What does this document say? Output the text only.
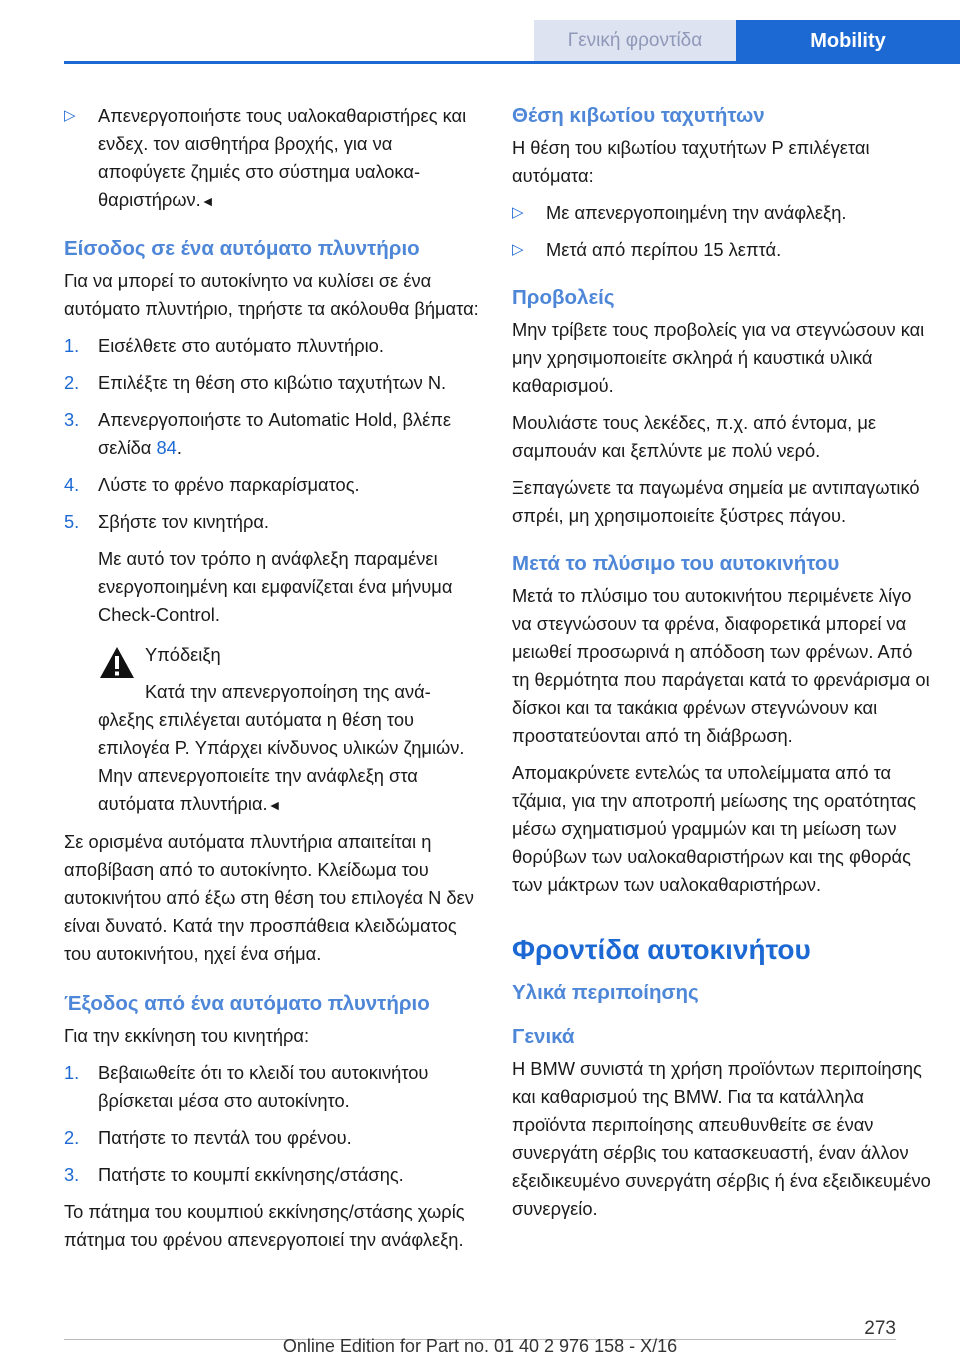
Γενική φροντίδα	Mobility
▷	Απενεργοποιήστε τους υαλοκαθαριστήρες και ενδεχ. τον αισθητήρα βροχής, για να αποφύγετε ζημιές στο σύστημα υαλοκαθαριστήρων.◄
Είσοδος σε ένα αυτόματο πλυντήριο

Για να μπορεί το αυτοκίνητο να κυλίσει σε ένα αυτόματο πλυντήριο, τηρήστε τα ακόλουθα βήματα:

1.	Εισέλθετε στο αυτόματο πλυντήριο.
2.	Επιλέξτε τη θέση στο κιβώτιο ταχυτήτων N.
3.	Απενεργοποιήστε το Automatic Hold, βλέπε σελίδα 84.
4.	Λύστε το φρένο παρκαρίσματος.
5.	Σβήστε τον κινητήρα.

Με αυτό τον τρόπο η ανάφλεξη παραμένει ενεργοποιημένη και εμφανίζεται ένα μήνυμα Check-Control.

Υπόδειξη
Κατά την απενεργοποίηση της ανάφλεξης επιλέγεται αυτόματα η θέση του επιλογέα P. Υπάρχει κίνδυνος υλικών ζημιών. Μην απενεργοποιείτε την ανάφλεξη στα αυτόματα πλυντήρια.◄

Σε ορισμένα αυτόματα πλυντήρια απαιτείται η αποβίβαση από το αυτοκίνητο. Κλείδωμα του αυτοκινήτου από έξω στη θέση του επιλογέα N δεν είναι δυνατό. Κατά την προσπάθεια κλειδώματος του αυτοκινήτου, ηχεί ένα σήμα.

Έξοδος από ένα αυτόματο πλυντήριο

Για την εκκίνηση του κινητήρα:

1.	Βεβαιωθείτε ότι το κλειδί του αυτοκινήτου βρίσκεται μέσα στο αυτοκίνητο.
2.	Πατήστε το πεντάλ του φρένου.
3.	Πατήστε το κουμπί εκκίνησης/στάσης.

Το πάτημα του κουμπιού εκκίνησης/στάσης χωρίς πάτημα του φρένου απενεργοποιεί την ανάφλεξη.

Θέση κιβωτίου ταχυτήτων

Η θέση του κιβωτίου ταχυτήτων P επιλέγεται αυτόματα:

▷	Με απενεργοποιημένη την ανάφλεξη.
▷	Μετά από περίπου 15 λεπτά.
Προβολείς

Μην τρίβετε τους προβολείς για να στεγνώσουν και μην χρησιμοποιείτε σκληρά ή καυστικά υλικά καθαρισμού.

Μουλιάστε τους λεκέδες, π.χ. από έντομα, με σαμπουάν και ξεπλύντε με πολύ νερό.

Ξεπαγώνετε τα παγωμένα σημεία με αντιπαγωτικό σπρέι, μη χρησιμοποιείτε ξύστρες πάγου.

Μετά το πλύσιμο του αυτοκινήτου

Μετά το πλύσιμο του αυτοκινήτου περιμένετε λίγο να στεγνώσουν τα φρένα, διαφορετικά μπορεί να μειωθεί προσωρινά η απόδοση των φρένων. Από τη θερμότητα που παράγεται κατά το φρενάρισμα οι δίσκοι και τα τακάκια φρένων στεγνώνουν και προστατεύονται από τη διάβρωση.

Απομακρύνετε εντελώς τα υπολείμματα από τα τζάμια, για την αποτροπή μείωσης της ορατότητας μέσω σχηματισμού γραμμών και τη μείωση των θορύβων των υαλοκαθαριστήρων και της φθοράς των μάκτρων των υαλοκαθαριστήρων.

Φροντίδα αυτοκινήτου
Υλικά περιποίησης
Γενικά

Η BMW συνιστά τη χρήση προϊόντων περιποίησης και καθαρισμού της BMW. Για τα κατάλληλα προϊόντα περιποίησης απευθυνθείτε σε έναν συνεργάτη σέρβις του κατασκευαστή, έναν άλλον εξειδικευμένο συνεργάτη σέρβις ή ένα εξειδικευμένο συνεργείο.

273
Online Edition for Part no. 01 40 2 976 158 - X/16
